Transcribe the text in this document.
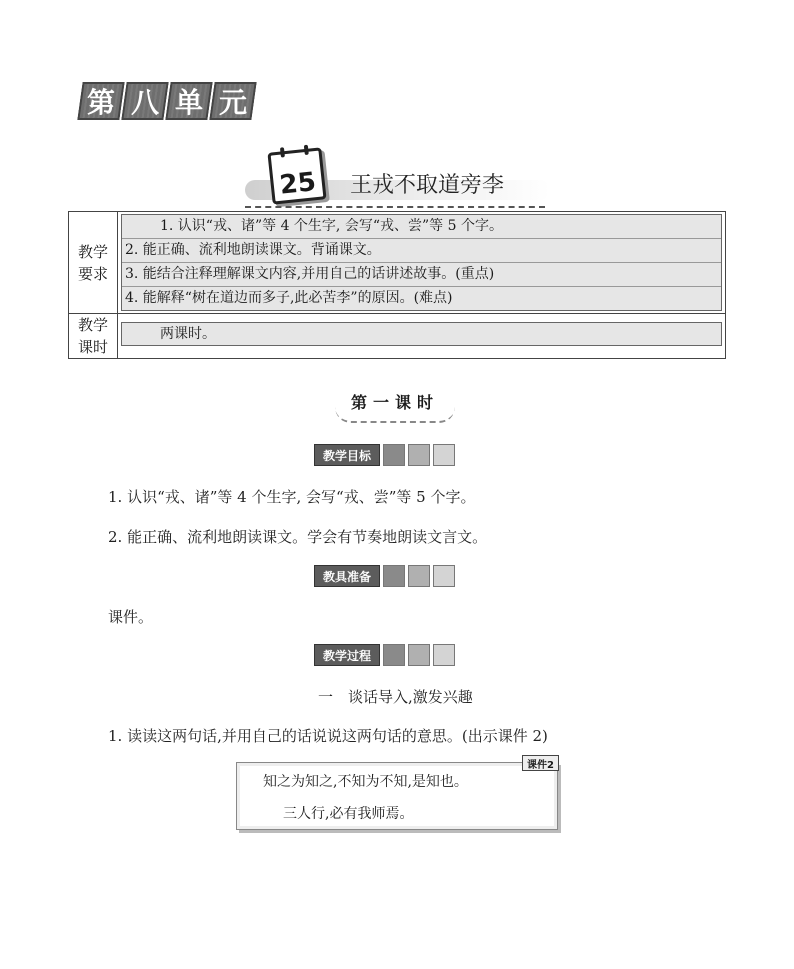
第 八 单 元
25 王戎不取道旁李
教学
要求
1. 认识“戎、诸”等 4 个生字, 会写“戎、尝”等 5 个字。
2. 能正确、流利地朗读课文。背诵课文。
3. 能结合注释理解课文内容,并用自己的话讲述故事。(重点)
4. 能解释“树在道边而多子,此必苦李”的原因。(难点)
教学
课时
两课时。
第一课时
教学目标
1. 认识“戎、诸”等 4 个生字, 会写“戎、尝”等 5 个字。
2. 能正确、流利地朗读课文。学会有节奏地朗读文言文。
教具准备
课件。
教学过程
一　谈话导入,激发兴趣
1. 读读这两句话,并用自己的话说说这两句话的意思。(出示课件 2)
课件2
知之为知之,不知为不知,是知也。
三人行,必有我师焉。
